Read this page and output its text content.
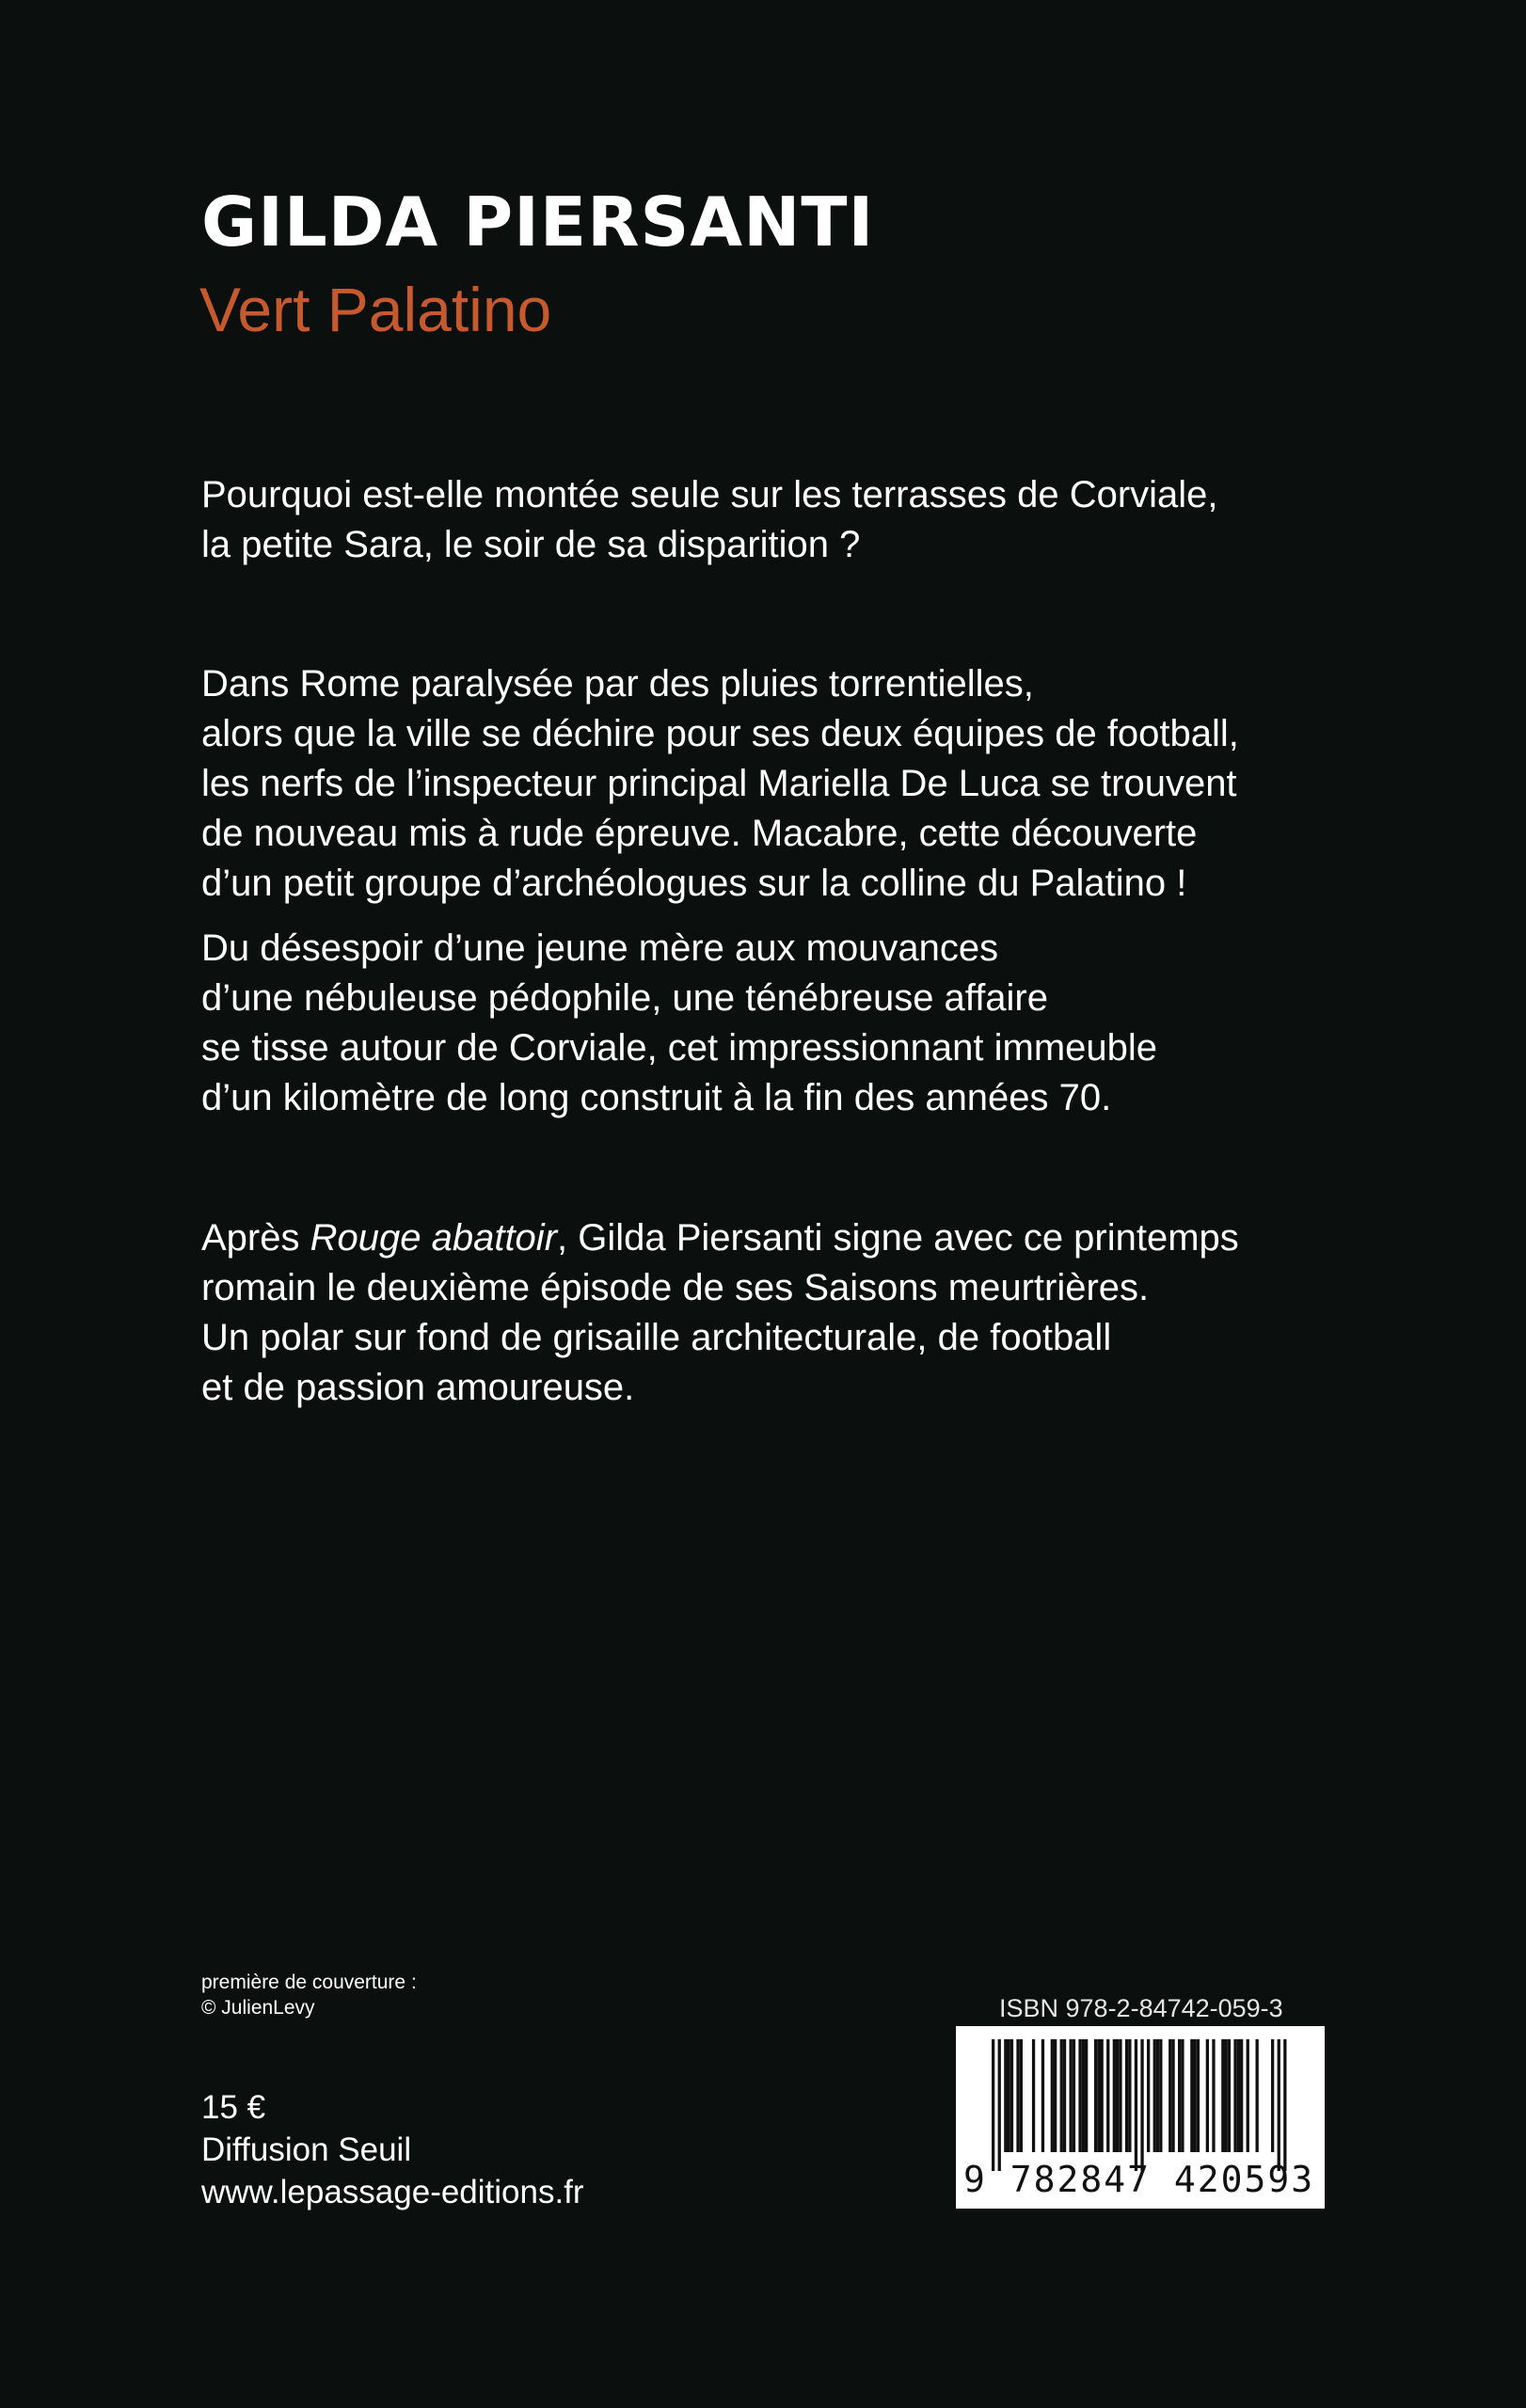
GILDA PIERSANTI
Vert Palatino
Pourquoi est-elle montée seule sur les terrasses de Corviale,
la petite Sara, le soir de sa disparition ?
Dans Rome paralysée par des pluies torrentielles,
alors que la ville se déchire pour ses deux équipes de football,
les nerfs de l’inspecteur principal Mariella De Luca se trouvent
de nouveau mis à rude épreuve. Macabre, cette découverte
d’un petit groupe d’archéologues sur la colline du Palatino !
Du désespoir d’une jeune mère aux mouvances
d’une nébuleuse pédophile, une ténébreuse affaire
se tisse autour de Corviale, cet impressionnant immeuble
d’un kilomètre de long construit à la fin des années 70.
Après Rouge abattoir, Gilda Piersanti signe avec ce printemps
romain le deuxième épisode de ses Saisons meurtrières.
Un polar sur fond de grisaille architecturale, de football
et de passion amoureuse.
première de couverture :
© JulienLevy
15 €
Diffusion Seuil
www.lepassage-editions.fr
ISBN 978-2-84742-059-3
9 782847 420593
